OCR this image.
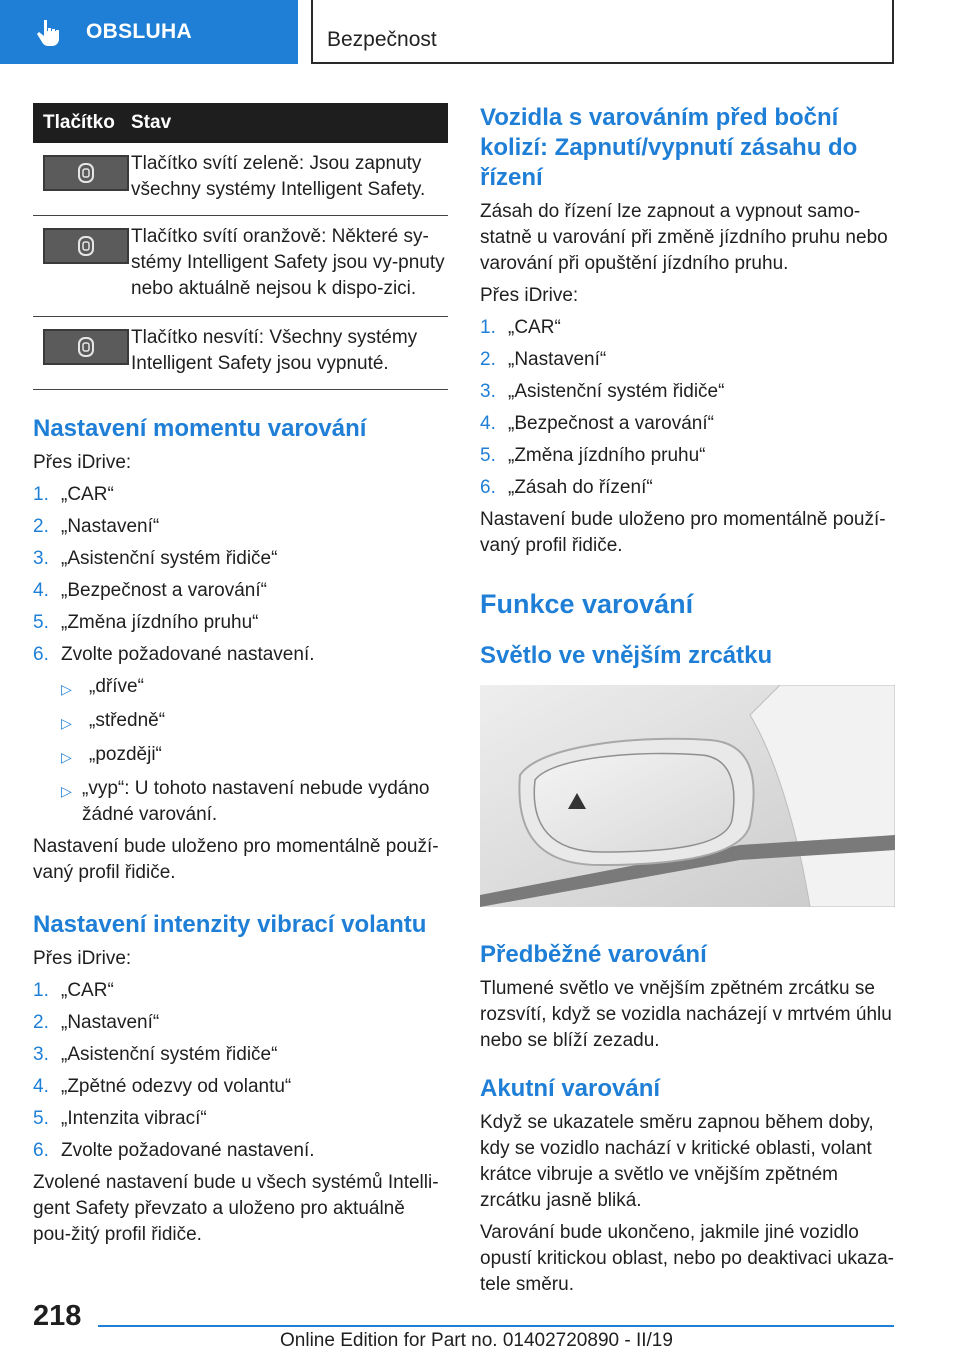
OBSLUHA	Bezpečnost
Tlačítko Stav
Tlačítko svítí zeleně: Jsou zapnuty všechny systémy Intelligent Safety.
Tlačítko svítí oranžově: Některé sy-stémy Intelligent Safety jsou vy-pnuty nebo aktuálně nejsou k dispo-zici.
Tlačítko nesvítí: Všechny systémy Intelligent Safety jsou vypnuté.
Nastavení momentu varování

Přes iDrive:

1. „CAR“
2. „Nastavení“
3. „Asistenční systém řidiče“
4. „Bezpečnost a varování“
5. „Změna jízdního pruhu“
6. Zvolte požadované nastavení.
▷ „dříve“
▷ „středně“
▷ „později“
▷ „vyp“: U tohoto nastavení nebude vydáno žádné varování.

Nastavení bude uloženo pro momentálně použí-vaný profil řidiče.

Nastavení intenzity vibrací volantu

Přes iDrive:

1. „CAR“
2. „Nastavení“
3. „Asistenční systém řidiče“
4. „Zpětné odezvy od volantu“
5. „Intenzita vibrací“
6. Zvolte požadované nastavení.

Zvolené nastavení bude u všech systémů Intelli-gent Safety převzato a uloženo pro aktuálně pou-žitý profil řidiče.

Vozidla s varováním před boční kolizí: Zapnutí/vypnutí zásahu do řízení

Zásah do řízení lze zapnout a vypnout samo-statně u varování při změně jízdního pruhu nebo varování při opuštění jízdního pruhu.

Přes iDrive:

1. „CAR“
2. „Nastavení“
3. „Asistenční systém řidiče“
4. „Bezpečnost a varování“
5. „Změna jízdního pruhu“
6. „Zásah do řízení“

Nastavení bude uloženo pro momentálně použí-vaný profil řidiče.

Funkce varování
Světlo ve vnějším zrcátku
Předběžné varování

Tlumené světlo ve vnějším zpětném zrcátku se rozsvítí, když se vozidla nacházejí v mrtvém úhlu nebo se blíží zezadu.

Akutní varování

Když se ukazatele směru zapnou během doby, kdy se vozidlo nachází v kritické oblasti, volant krátce vibruje a světlo ve vnějším zpětném zrcátku jasně bliká.

Varování bude ukončeno, jakmile jiné vozidlo opustí kritickou oblast, nebo po deaktivaci ukaza-tele směru.

218
Online Edition for Part no. 01402720890 - II/19
